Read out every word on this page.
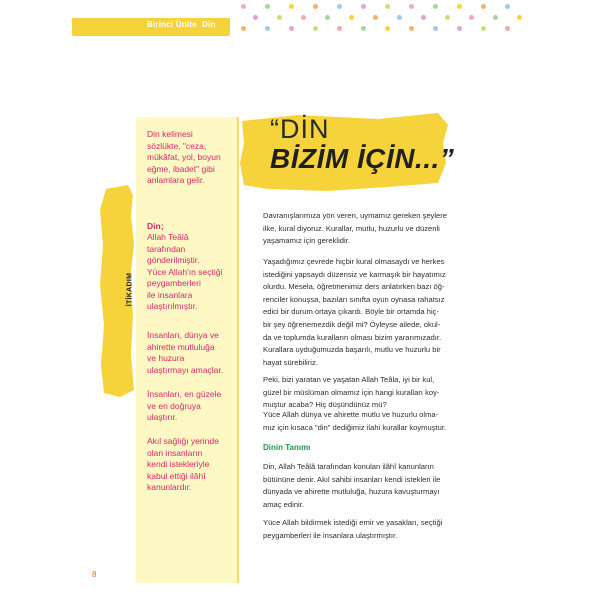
Birinci Ünite Din
İTİKADIM
Din kelimesi
sözlükte, "ceza,
mükâfat, yol, boyun
eğme, ibadet" gibi
anlamlara gelir.
Din;
Allah Teâlâ
tarafından
gönderilmiştir.
Yüce Allah'ın seçtiği
peygamberleri
ile insanlara
ulaştırılmıştır.
İnsanları, dünya ve
ahirette mutluluğa
ve huzura
ulaştırmayı amaçlar.
İnsanları, en güzele
ve en doğruya
ulaştırır.
Akıl sağlığı yerinde
olan insanların
kendi istekleriyle
kabul ettiği ilâhî
kanunlardır.
“DİN
BİZİM İÇİN...”
Davranışlarımıza yön veren, uymamız gereken şeylere
ilke, kural diyoruz. Kurallar, mutlu, huzurlu ve düzenli
yaşamamız için gereklidir.
Yaşadığımız çevrede hiçbir kural olmasaydı ve herkes
istediğini yapsaydı düzensiz ve karmaşık bir hayatımız
olurdu. Mesela, öğretmenimiz ders anlatırken bazı öğ-
renciler konuşsa, bazıları sınıfta oyun oynasa rahatsız
edici bir durum ortaya çıkardı. Böyle bir ortamda hiç-
bir şey öğrenemezdik değil mi? Öyleyse ailede, okul-
da ve toplumda kuralların olması bizim yararımızadır.
Kurallara uyduğumuzda başarılı, mutlu ve huzurlu bir
hayat sürebiliriz.
Peki, bizi yaratan ve yaşatan Allah Teâla, iyi bir kul,
güzel bir müslüman olmamız için hangi kuralları koy-
muştur acaba? Hiç düşündünüz mü?
Yüce Allah dünya ve ahirette mutlu ve huzurlu olma-
mız için kısaca "din" dediğimiz ilahi kurallar koymuştur.
Dinin Tanımı
Din, Allah Teâlâ tarafından konulan ilâhî kanunların
bütününe denir. Akıl sahibi insanları kendi istekleri ile
dünyada ve ahirette mutluluğa, huzura kavuşturmayı
amaç edinir.
Yüce Allah bildirmek istediği emir ve yasakları, seçtiği
peygamberleri ile insanlara ulaştırmıştır.
8
